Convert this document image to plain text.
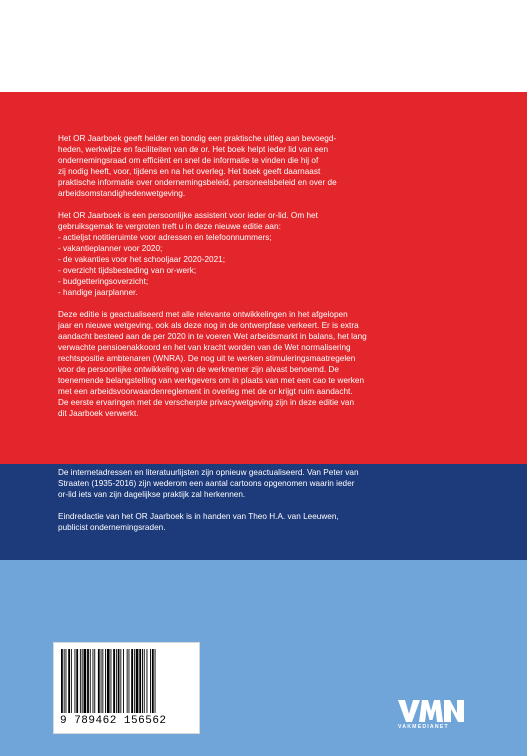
Het OR Jaarboek geeft helder en bondig een praktische uitleg aan bevoegd-
heden, werkwijze en faciliteiten van de or. Het boek helpt ieder lid van een
ondernemingsraad om efficiënt en snel de informatie te vinden die hij of
zij nodig heeft, voor, tijdens en na het overleg. Het boek geeft daarnaast
praktische informatie over ondernemingsbeleid, personeelsbeleid en over de
arbeidsomstandighedenwetgeving.

Het OR Jaarboek is een persoonlijke assistent voor ieder or-lid. Om het
gebruiksgemak te vergroten treft u in deze nieuwe editie aan:
- actieljst notitieruimte voor adressen en telefoonnummers;
- vakantieplanner voor 2020;
- de vakanties voor het schooljaar 2020-2021;
- overzicht tijdsbesteding van or-werk;
- budgetteringsoverzicht;
- handige jaarplanner.

Deze editie is geactualiseerd met alle relevante ontwikkelingen in het afgelopen
jaar en nieuwe wetgeving, ook als deze nog in de ontwerpfase verkeert. Er is extra
aandacht besteed aan de per 2020 in te voeren Wet arbeidsmarkt in balans, het lang
verwachte pensioenakkoord en het van kracht worden van de Wet normalisering
rechtspositie ambtenaren (WNRA). De nog uit te werken stimuleringsmaatregelen
voor de persoonlijke ontwikkeling van de werknemer zijn alvast benoemd. De
toenemende belangstelling van werkgevers om in plaats van met een cao te werken
met een arbeidsvoorwaardenreglement in overleg met de or krijgt ruim aandacht.
De eerste ervaringen met de verscherpte privacywetgeving zijn in deze editie van
dit Jaarboek verwerkt.

De internetadressen en literatuurlijsten zijn opnieuw geactualiseerd. Van Peter van
Straaten (1935-2016) zijn wederom een aantal cartoons opgenomen waarin ieder
or-lid iets van zijn dagelijkse praktijk zal herkennen.

Eindredactie van het OR Jaarboek is in handen van Theo H.A. van Leeuwen,
publicist ondernemingsraden.

9 789462 156562	VAKMEDIANET
